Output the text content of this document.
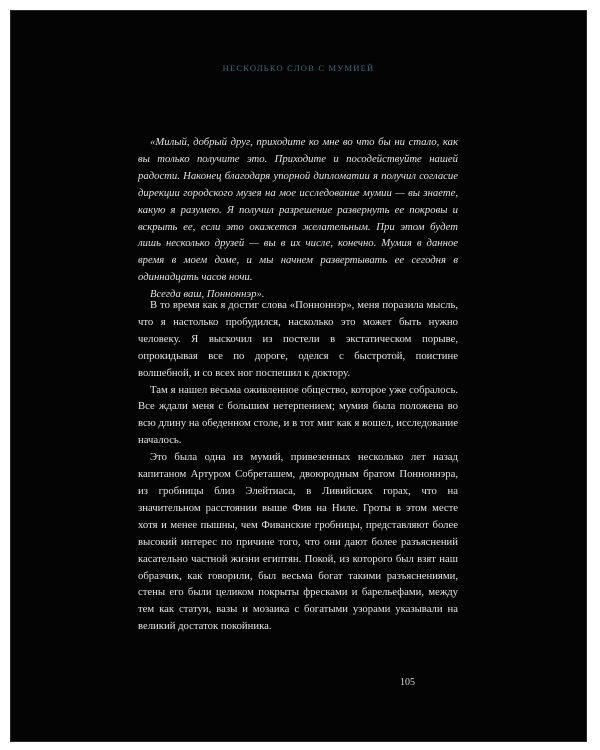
НЕСКОЛЬКО СЛОВ С МУМИЕЙ

«Милый, добрый друг, приходите ко мне во что бы ни стало, как вы только получите это. Приходите и посодействуйте нашей радости. Наконец благодаря упорной дипломатии я получил согласие дирекции городского музея на мое исследование мумии — вы знаете, какую я разумею. Я получил разрешение развернуть ее покровы и вскрыть ее, если это окажется желательным. При этом будет лишь несколько друзей — вы в их числе, конечно. Мумия в данное время в моем доме, и мы начнем развертывать ее сегодня в одиннадцать часов ночи.

Всегда ваш, Понноннэр».

В то время как я достиг слова «Понноннэр», меня поразила мысль, что я настолько пробудился, насколько это может быть нужно человеку. Я выскочил из постели в экстатическом порыве, опрокидывая все по дороге, оделся с быстротой, поистине волшебной, и со всех ног поспешил к доктору.

Там я нашел весьма оживленное общество, которое уже собралось. Все ждали меня с большим нетерпением; мумия была положена во всю длину на обеденном столе, и в тот миг как я вошел, исследование началось.

Это была одна из мумий, привезенных несколько лет назад капитаном Артуром Собреташем, двоюродным братом Понноннэра, из гробницы близ Элейтиаса, в Ливийских горах, что на значительном расстоянии выше Фив на Ниле. Гроты в этом месте хотя и менее пышны, чем Фиванские гробницы, представляют более высокий интерес по причине того, что они дают более разъяснений касательно частной жизни египтян. Покой, из которого был взят наш образчик, как говорили, был весьма богат такими разъяснениями, стены его были целиком покрыты фресками и барельефами, между тем как статуи, вазы и мозаика с богатыми узорами указывали на великий достаток покойника.

105
